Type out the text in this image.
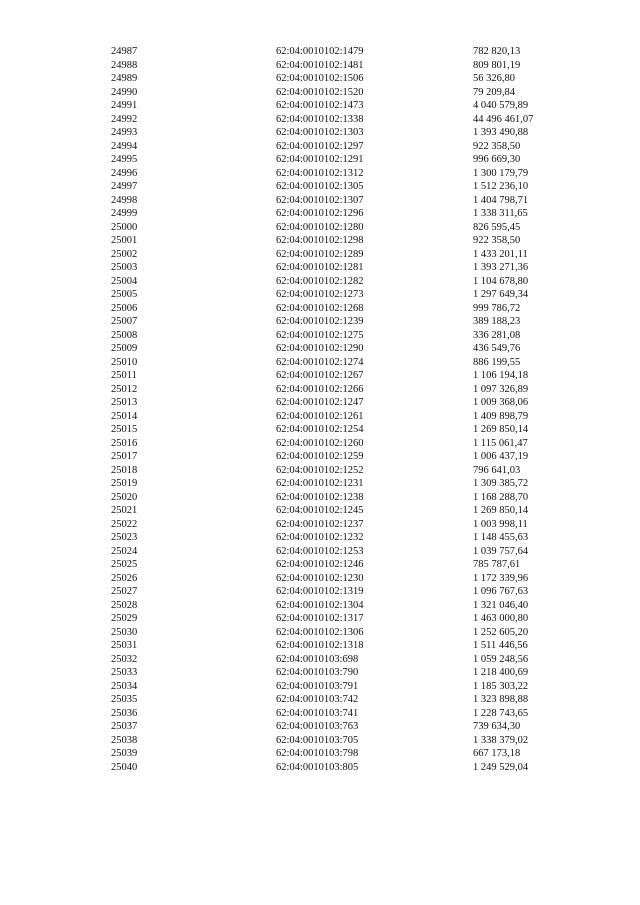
24987	62:04:0010102:1479	782 820,13
24988	62:04:0010102:1481	809 801,19
24989	62:04:0010102:1506	56 326,80
24990	62:04:0010102:1520	79 209,84
24991	62:04:0010102:1473	4 040 579,89
24992	62:04:0010102:1338	44 496 461,07
24993	62:04:0010102:1303	1 393 490,88
24994	62:04:0010102:1297	922 358,50
24995	62:04:0010102:1291	996 669,30
24996	62:04:0010102:1312	1 300 179,79
24997	62:04:0010102:1305	1 512 236,10
24998	62:04:0010102:1307	1 404 798,71
24999	62:04:0010102:1296	1 338 311,65
25000	62:04:0010102:1280	826 595,45
25001	62:04:0010102:1298	922 358,50
25002	62:04:0010102:1289	1 433 201,11
25003	62:04:0010102:1281	1 393 271,36
25004	62:04:0010102:1282	1 104 678,80
25005	62:04:0010102:1273	1 297 649,34
25006	62:04:0010102:1268	999 786,72
25007	62:04:0010102:1239	389 188,23
25008	62:04:0010102:1275	336 281,08
25009	62:04:0010102:1290	436 549,76
25010	62:04:0010102:1274	886 199,55
25011	62:04:0010102:1267	1 106 194,18
25012	62:04:0010102:1266	1 097 326,89
25013	62:04:0010102:1247	1 009 368,06
25014	62:04:0010102:1261	1 409 898,79
25015	62:04:0010102:1254	1 269 850,14
25016	62:04:0010102:1260	1 115 061,47
25017	62:04:0010102:1259	1 006 437,19
25018	62:04:0010102:1252	796 641,03
25019	62:04:0010102:1231	1 309 385,72
25020	62:04:0010102:1238	1 168 288,70
25021	62:04:0010102:1245	1 269 850,14
25022	62:04:0010102:1237	1 003 998,11
25023	62:04:0010102:1232	1 148 455,63
25024	62:04:0010102:1253	1 039 757,64
25025	62:04:0010102:1246	785 787,61
25026	62:04:0010102:1230	1 172 339,96
25027	62:04:0010102:1319	1 096 767,63
25028	62:04:0010102:1304	1 321 046,40
25029	62:04:0010102:1317	1 463 000,80
25030	62:04:0010102:1306	1 252 605,20
25031	62:04:0010102:1318	1 511 446,56
25032	62:04:0010103:698	1 059 248,56
25033	62:04:0010103:790	1 218 400,69
25034	62:04:0010103:791	1 185 303,22
25035	62:04:0010103:742	1 323 898,88
25036	62:04:0010103:741	1 228 743,65
25037	62:04:0010103:763	739 634,30
25038	62:04:0010103:705	1 338 379,02
25039	62:04:0010103:798	667 173,18
25040	62:04:0010103:805	1 249 529,04
